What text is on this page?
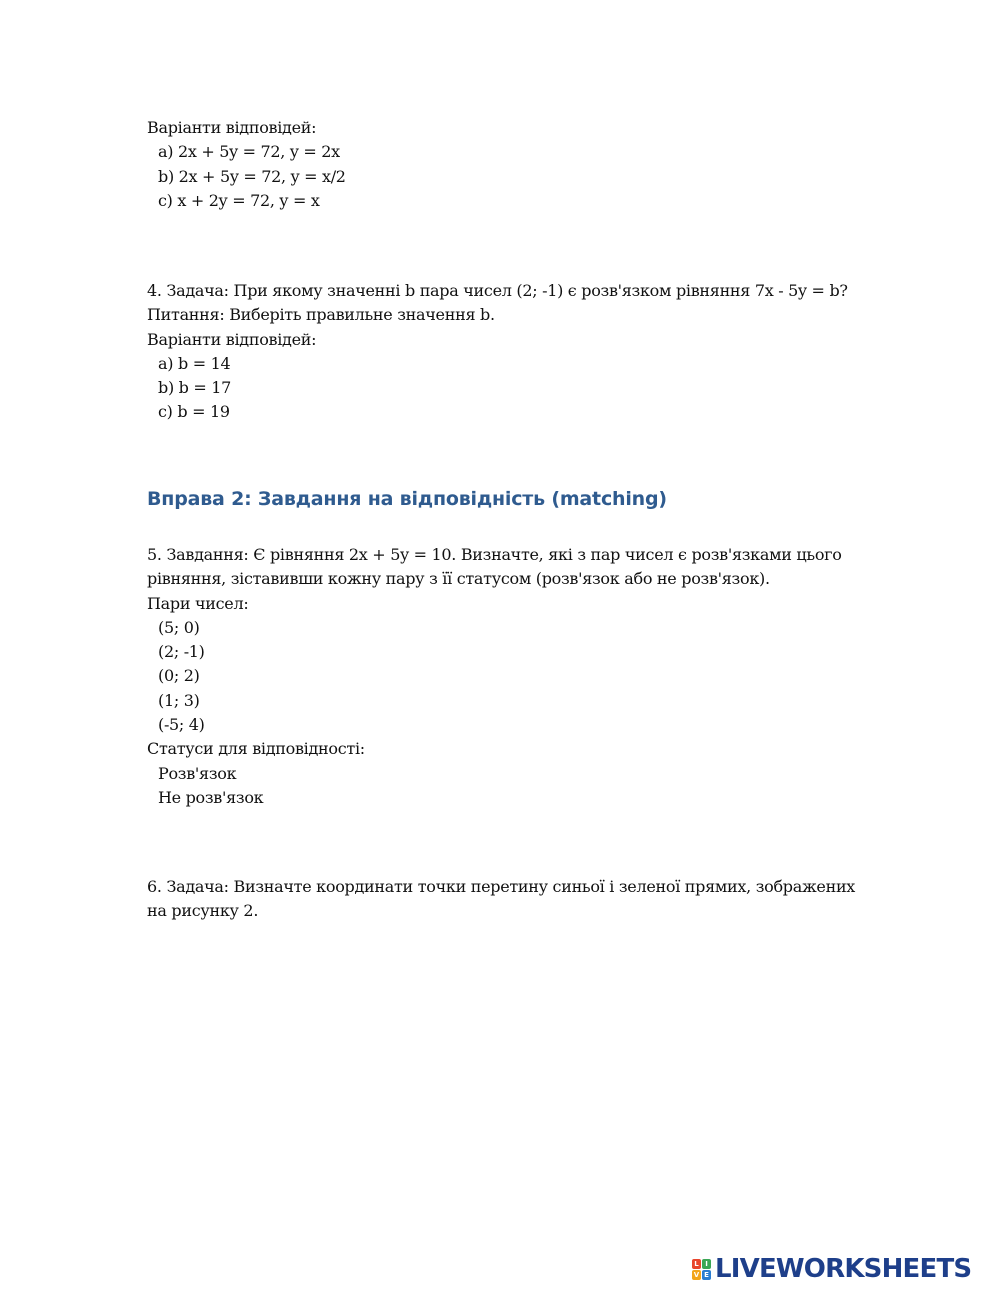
Варіанти відповідей:
a) 2x + 5y = 72, y = 2x
b) 2x + 5y = 72, y = x/2
c) x + 2y = 72, y = x
4. Задача: При якому значенні b пара чисел (2; -1) є розв'язком рівняння 7x - 5y = b?
Питання: Виберіть правильне значення b.
Варіанти відповідей:
a) b = 14
b) b = 17
c) b = 19
Вправа 2: Завдання на відповідність (matching)
5. Завдання: Є рівняння 2x + 5y = 10. Визначте, які з пар чисел є розв'язками цього рівняння, зіставивши кожну пару з її статусом (розв'язок або не розв'язок).
Пари чисел:
(5; 0)
(2; -1)
(0; 2)
(1; 3)
(-5; 4)
Статуси для відповідності:
Розв'язок
Не розв'язок
6. Задача: Визначте координати точки перетину синьої і зеленої прямих, зображених на рисунку 2.
L I
V E LIVEWORKSHEETS
